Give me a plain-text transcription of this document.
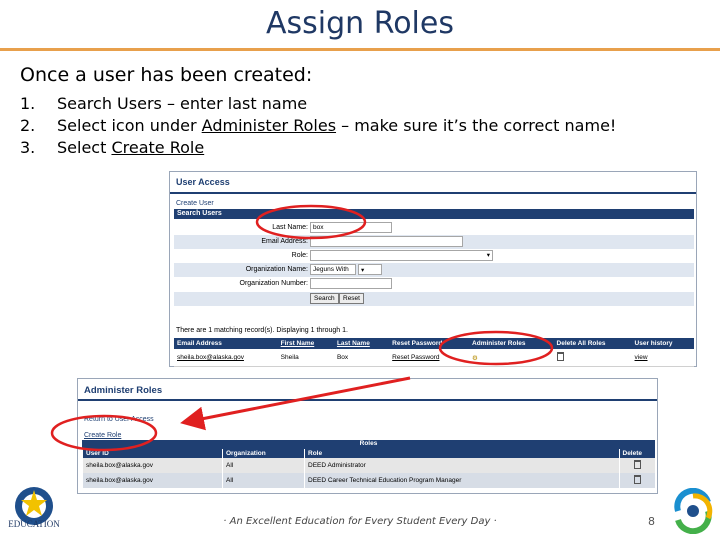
Assign Roles
Once a user has been created:
1.	Search Users – enter last name
2.	Select icon under Administer Roles – make sure it’s the correct name!
3.	Select Create Role
User Access
Create User
Search Users
Last Name: box
Email Address:
Role:	▾
Organization Name: Jeguns With	▾
Organization Number:
Search	Reset
There are 1 matching record(s). Displaying 1 through 1.
Email Address	First Name	Last Name	Reset Password	Administer Roles	Delete All Roles	User history
sheila.box@alaska.gov	Sheila	Box	Reset Password	⚙		view
Administer Roles
Return to User Access
Create Role
Roles
User ID	Organization	Role	Delete
sheila.box@alaska.gov	All	DEED Administrator	
sheila.box@alaska.gov	All	DEED Career Technical Education Program Manager	
EDUCATION	· An Excellent Education for Every Student Every Day ·	8
